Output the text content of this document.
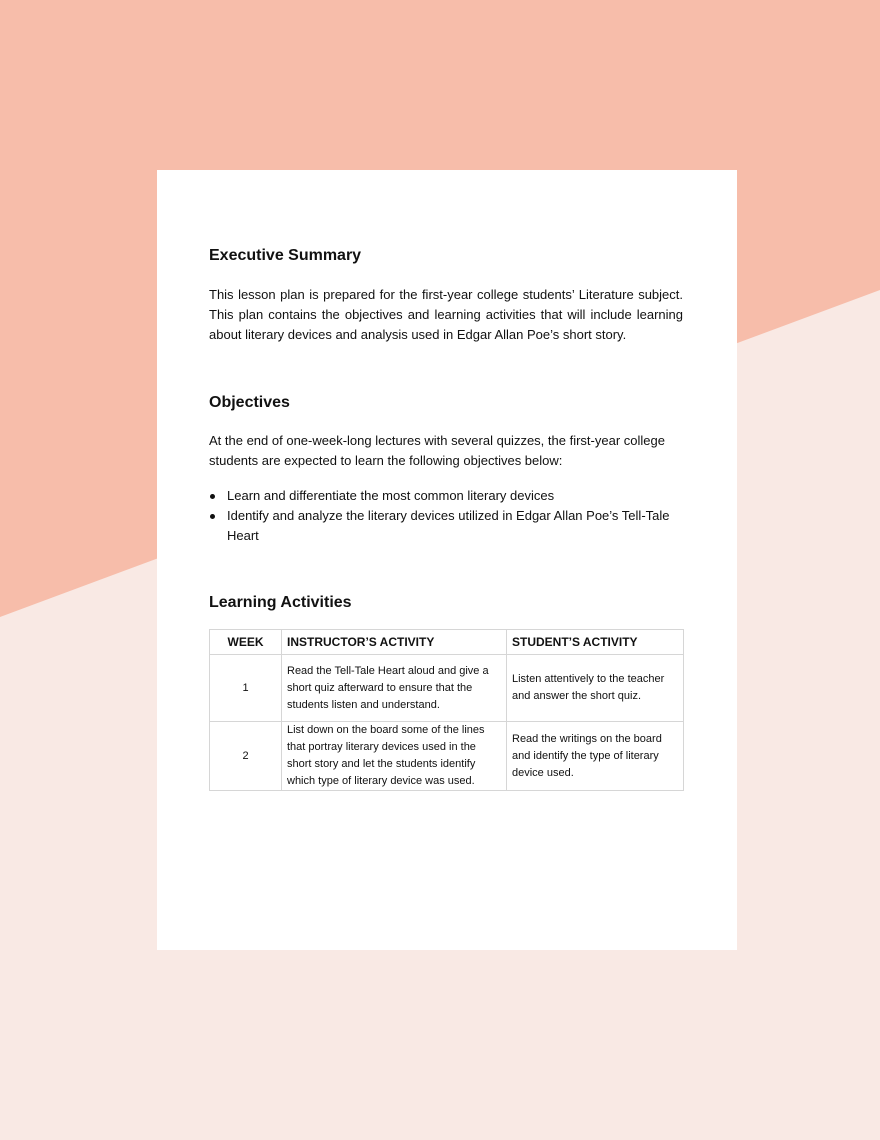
Executive Summary

This lesson plan is prepared for the first-year college students’ Literature subject. This plan contains the objectives and learning activities that will include learning about literary devices and analysis used in Edgar Allan Poe’s short story.

Objectives

At the end of one-week-long lectures with several quizzes, the first-year college students are expected to learn the following objectives below:

Learn and differentiate the most common literary devices
Identify and analyze the literary devices utilized in Edgar Allan Poe’s Tell-Tale Heart
Learning Activities
WEEK	INSTRUCTOR’S ACTIVITY	STUDENT’S ACTIVITY
1	Read the Tell-Tale Heart aloud and give a short quiz afterward to ensure that the students listen and understand.	Listen attentively to the teacher and answer the short quiz.
2	List down on the board some of the lines that portray literary devices used in the short story and let the students identify which type of literary device was used.	Read the writings on the board and identify the type of literary device used.
